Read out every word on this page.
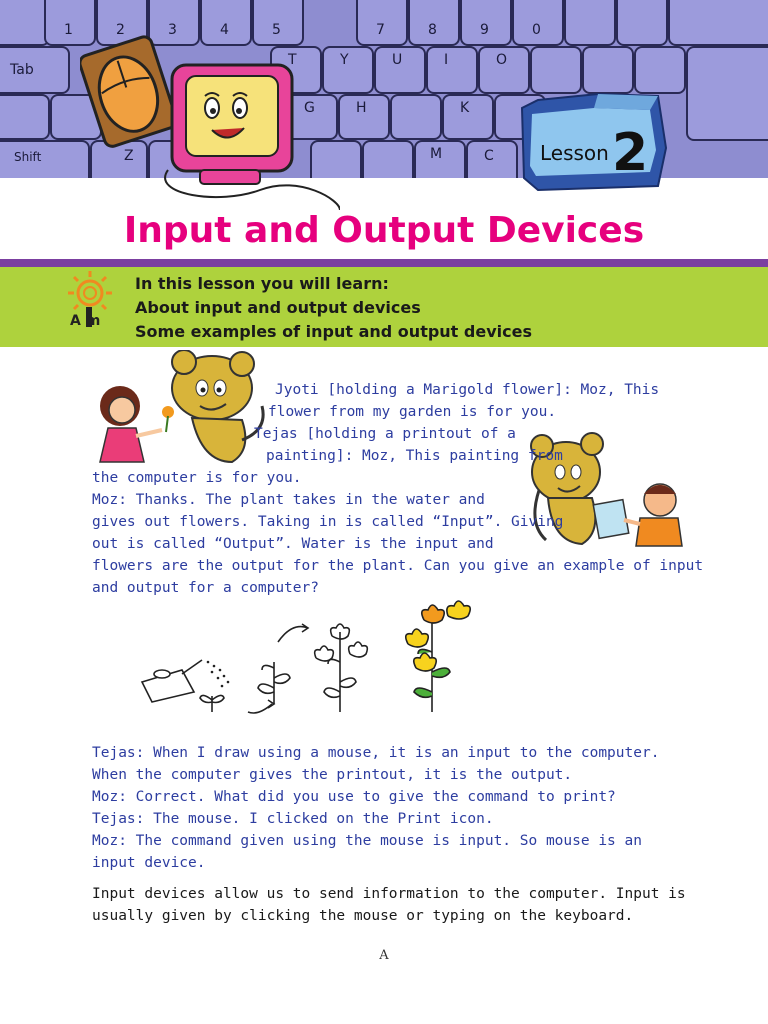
1	2	3	4	5	7	8	9	0
Tab
T	Y	U	I	O
G	H	K
Shift	Z	M	C Lesson 2
Input and Output Devices
A m
In this lesson you will learn:
About input and output devices
Some examples of input and output devices
Jyoti [holding a Marigold flower]: Moz, This
flower from my garden is for you.
Tejas [holding a printout of a
painting]: Moz, This painting from
the computer is for you.
Moz: Thanks. The plant takes in the water and
gives out flowers. Taking in is called “Input”. Giving
out is called “Output”. Water is the input and
flowers are the output for the plant. Can you give an example of input
and output for a computer?
Tejas: When I draw using a mouse, it is an input to the computer.
When the computer gives the printout, it is the output.
Moz: Correct. What did you use to give the command to print?
Tejas: The mouse. I clicked on the Print icon.
Moz: The command given using the mouse is input. So mouse is an
input device.
Input devices allow us to send information to the computer. Input is
usually given by clicking the mouse or typing on the keyboard.
A
